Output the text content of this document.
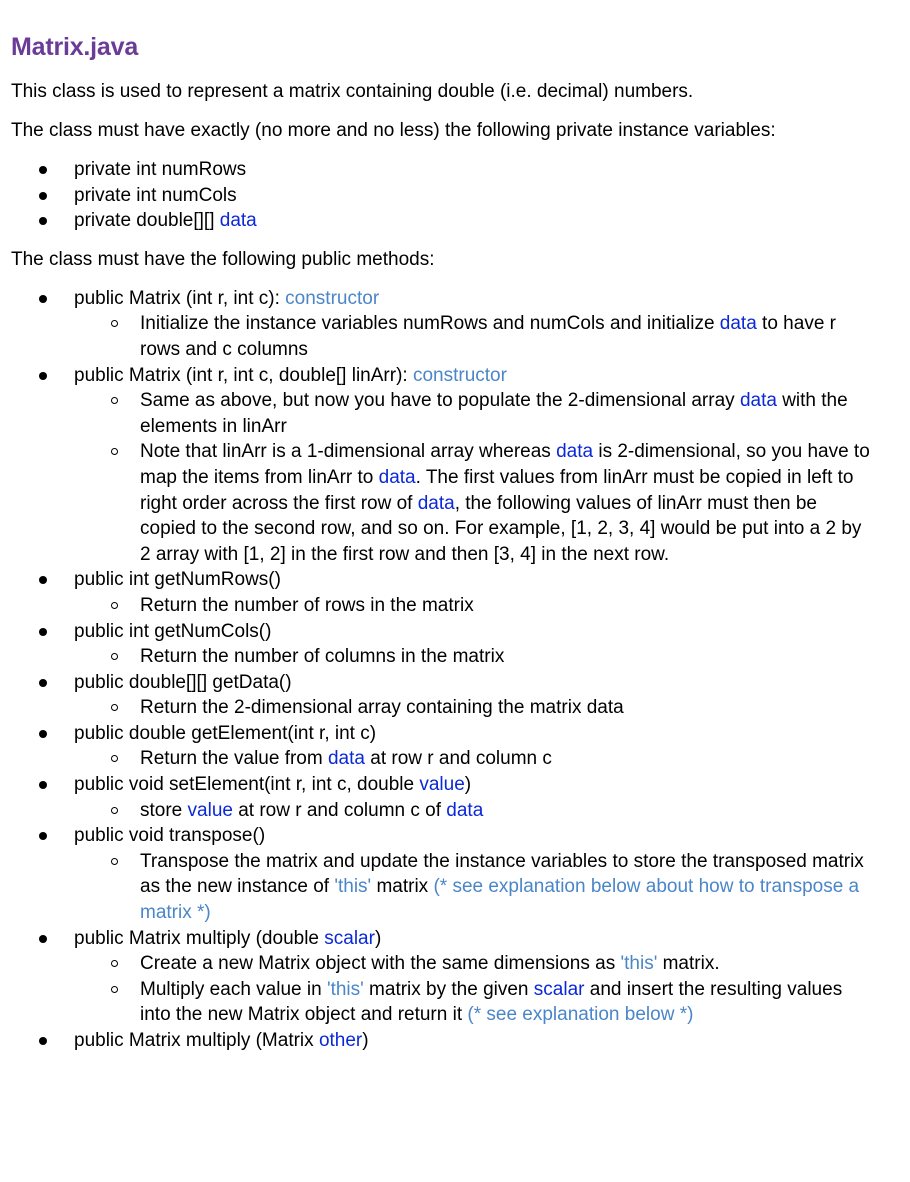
Matrix.java

This class is used to represent a matrix containing double (i.e. decimal) numbers.

The class must have exactly (no more and no less) the following private instance variables:

private int numRows
private int numCols
private double[][] data

The class must have the following public methods:

public Matrix (int r, int c): constructor
Initialize the instance variables numRows and numCols and initialize data to have r rows and c columns
public Matrix (int r, int c, double[] linArr): constructor
Same as above, but now you have to populate the 2-dimensional array data with the elements in linArr
Note that linArr is a 1-dimensional array whereas data is 2-dimensional, so you have to map the items from linArr to data. The first values from linArr must be copied in left to right order across the first row of data, the following values of linArr must then be copied to the second row, and so on. For example, [1, 2, 3, 4] would be put into a 2 by 2 array with [1, 2] in the first row and then [3, 4] in the next row.
public int getNumRows()
Return the number of rows in the matrix
public int getNumCols()
Return the number of columns in the matrix
public double[][] getData()
Return the 2-dimensional array containing the matrix data
public double getElement(int r, int c)
Return the value from data at row r and column c
public void setElement(int r, int c, double value)
store value at row r and column c of data
public void transpose()
Transpose the matrix and update the instance variables to store the transposed matrix as the new instance of 'this' matrix (* see explanation below about how to transpose a matrix *)
public Matrix multiply (double scalar)
Create a new Matrix object with the same dimensions as 'this' matrix.
Multiply each value in 'this' matrix by the given scalar and insert the resulting values into the new Matrix object and return it (* see explanation below *)
public Matrix multiply (Matrix other)
